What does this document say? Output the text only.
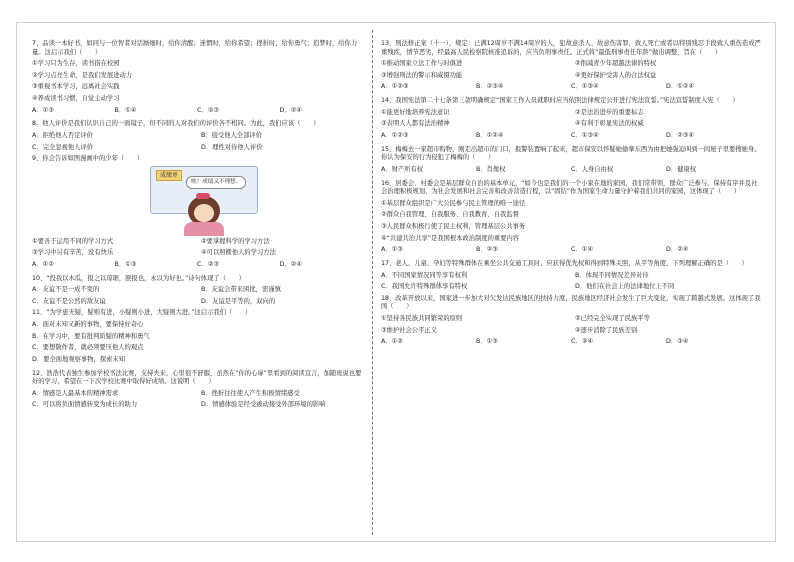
7、品读一本好书，如同与一位智者对话厮细时，给你清醒；迷惘时，给你希望；挫折时，给你勇气；追梦时，给你力量。这启示我们（　　）
①学习只为生存，读书指在校园
②学习点亮生命，是我们发展进动力
③重视书本学习，远离社会实践
④养成读书习惯，自觉主动学习
A．①③	B．①④	C．②③	D．②④
8．他人评价是我们认识自己的一面镜子，但不同的人对我们的评价各不相同。为此，我们应该（　　）
A．拒绝他人否定评价	B．接受他人全部评价
C．完全忽视他人评价	D．理性对待他人评价
9、你会告诉如图漫画中的少年（　　）
成绩单
唉！成绩又不理想。
①要善于运用不同的学习方式	②要掌握科学的学习方法
③学习中另有辛苦，没有快乐	④可以照搬他人的学习方法
A．①②	B．①③	C．②③	D．②④
10、“投我以木瓜，报之以琼琚，匪报也，永以为好也。”诗句体现了（　　）
A．友谊不是一成不变的	B．友谊会带来困扰，需谨慎
C．友谊不是公然的敌友谊	D．友谊是平等的，双向的
11、“为学患无疑，疑则有进，小疑则小进，大疑则大进。”这启示我们（　　）
A．面对未知又新的事物，要保持好奇心
B．在学习中，要有批判质疑的精神和勇气
C．要想敬作者，就必须要压他人的观点
D．要全面地观察事物，探索未知
12、浩浩代表独生参加学校书法比赛，支持夫来，心里很不舒服，虽然在“你的心扉”里看到的阅读宣言，加随班说也要好的学习，希望在一下次学校比赛中取得好成绩。这说明（　　）
A．情感是人最基本的精神需求	B．挫折往往使人产生积极情绪感受
C．可以将负面情感转变为成长的助力	D．情感体验是经受被动接受外部环境的影响
13、刑法修正案（十一），规定：已满12周岁不满14周岁的人，犯故意杀人、故意伤害罪，致人死亡或者以特别残忍手段致人重伤造成严重残疾，情节恶劣，经最高人民检察院核准追诉的，应当负刑事责任。正式将“最低刑事责任年龄”做出调整，旨在（　　）
①推动国家立法工作与时俱进	②削减青少年超越法律的特权
③增强刑法的警示和威慑功能	④更好保护受害人的合法权益
A．①②③	B．②③④	C．①③④	D．①②④
14、我国宪法第二十七条第三款明确规定“国家工作人员就职时应当依照法律规定公开进行宪法宣誓。”宪法宣誓制度入宪（　　）
①能更好地培养宪法意识	②是法治进步的重要标志
③表明人人都有法治精神	④有利于彰显宪法的权威
A．①②③	B．①②④	C．①③④	D．②③④
15、梅梅去一家超市购物，刚走出超市的门口，报警装置响了起来，超市保安以怀疑她偷拿东西为由把她强迫叫到一间屋子里要搜她身。你认为保安的行为侵犯了梅梅的（　　）
A．财产所有权	B．肖像权	C．人身自由权	D．健康权
16、居委会、村委会是基层群众自治的基本单元，“如今也是我们的一个小家在地的家园，我们常带领，群众广泛参与，保持有序并及社会治理积极规划，为社会发展和社会完善和改善营造行程，以“固结”作为国家生命力量守护着我们共同的家园，这体现了（　　）
①基层群众组织是广大公民参与民主管理的唯一途径
②群众自我管理、自我服务、自我教育、自我监督
③人民群众积极行使了民主权利，管理基层公共事务
④“共建共治共享”是我国根本政治制度的重要内容
A．①③	B．②③	C．①④	D．②④
17、老人、儿童、孕妇等特殊群体在乘坐公共交通工具时，应获得优先权和得到特殊关照，从平等角度，下列理解正确的是（　　）
A．不同国家情况同等享有权利	B．体现不同情况差异对待
C．我国允许特殊群体享有特权	D．他们在社会上的法律地位上不同
18、改革开放以来，国家进一步加大对欠发达民族地区的扶持力度，民族地区经济社会发生了巨大变化，实现了跨越式发展。这体现了我国（　　）
①坚持各民族共同繁荣的原则	②已经完全实现了民族平等
③维护社会公平正义	④逐步消除了民族差别
A．①②	B．①③	C．②④	D．③④
